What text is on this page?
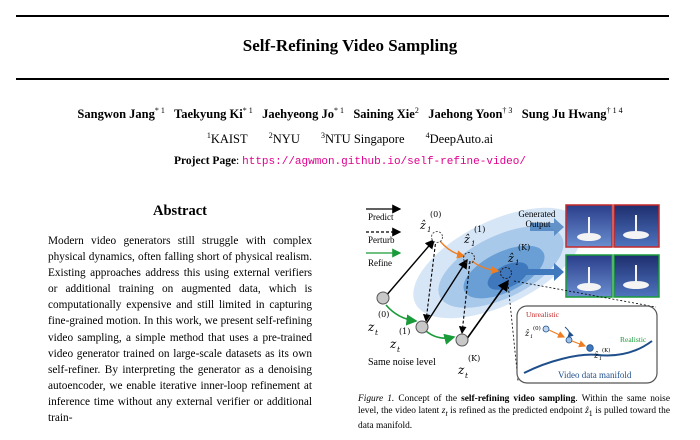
Self-Refining Video Sampling
Sangwon Jang$^{* 1}$ Taekyung Ki$^{* 1}$ Jaehyeong Jo$^{* 1}$ Saining Xie$^2$ Jaehong Yoon$^{\dagger 3}$ Sung Ju Hwang$^{\dagger 1 4}$
$^1$KAIST	$^2$NYU	$^3$NTU Singapore	$^4$DeepAuto.ai
Project Page: https://agwmon.github.io/self-refine-video/
Abstract
Modern video generators still struggle with complex physical dynamics, often falling short of physical realism. Existing approaches address this using external verifiers or additional training on augmented data, which is computationally expensive and still limited in capturing fine-grained motion. In this work, we present self-refining video sampling, a simple method that uses a pre-trained video generator trained on large-scale datasets as its own self-refiner. By interpreting the generator as a denoising autoencoder, we enable iterative inner-loop refinement at inference time without any external verifier or additional train-
Predict
Perturb
Refine
ẑ 1
(0)
ẑ 1
(1)
ẑ 1
(K)
z t
(0)
z t
(1)
z t
(K)
Same noise level
Generated Output
Unrealistic
Realistic
ẑ 1
(0)
ẑ 1
(K)
Video data manifold
Figure 1. Concept of the self-refining video sampling. Within the same noise level, the video latent $z_t$ is refined as the predicted endpoint ẑ$_1$ is pulled toward the data manifold.
